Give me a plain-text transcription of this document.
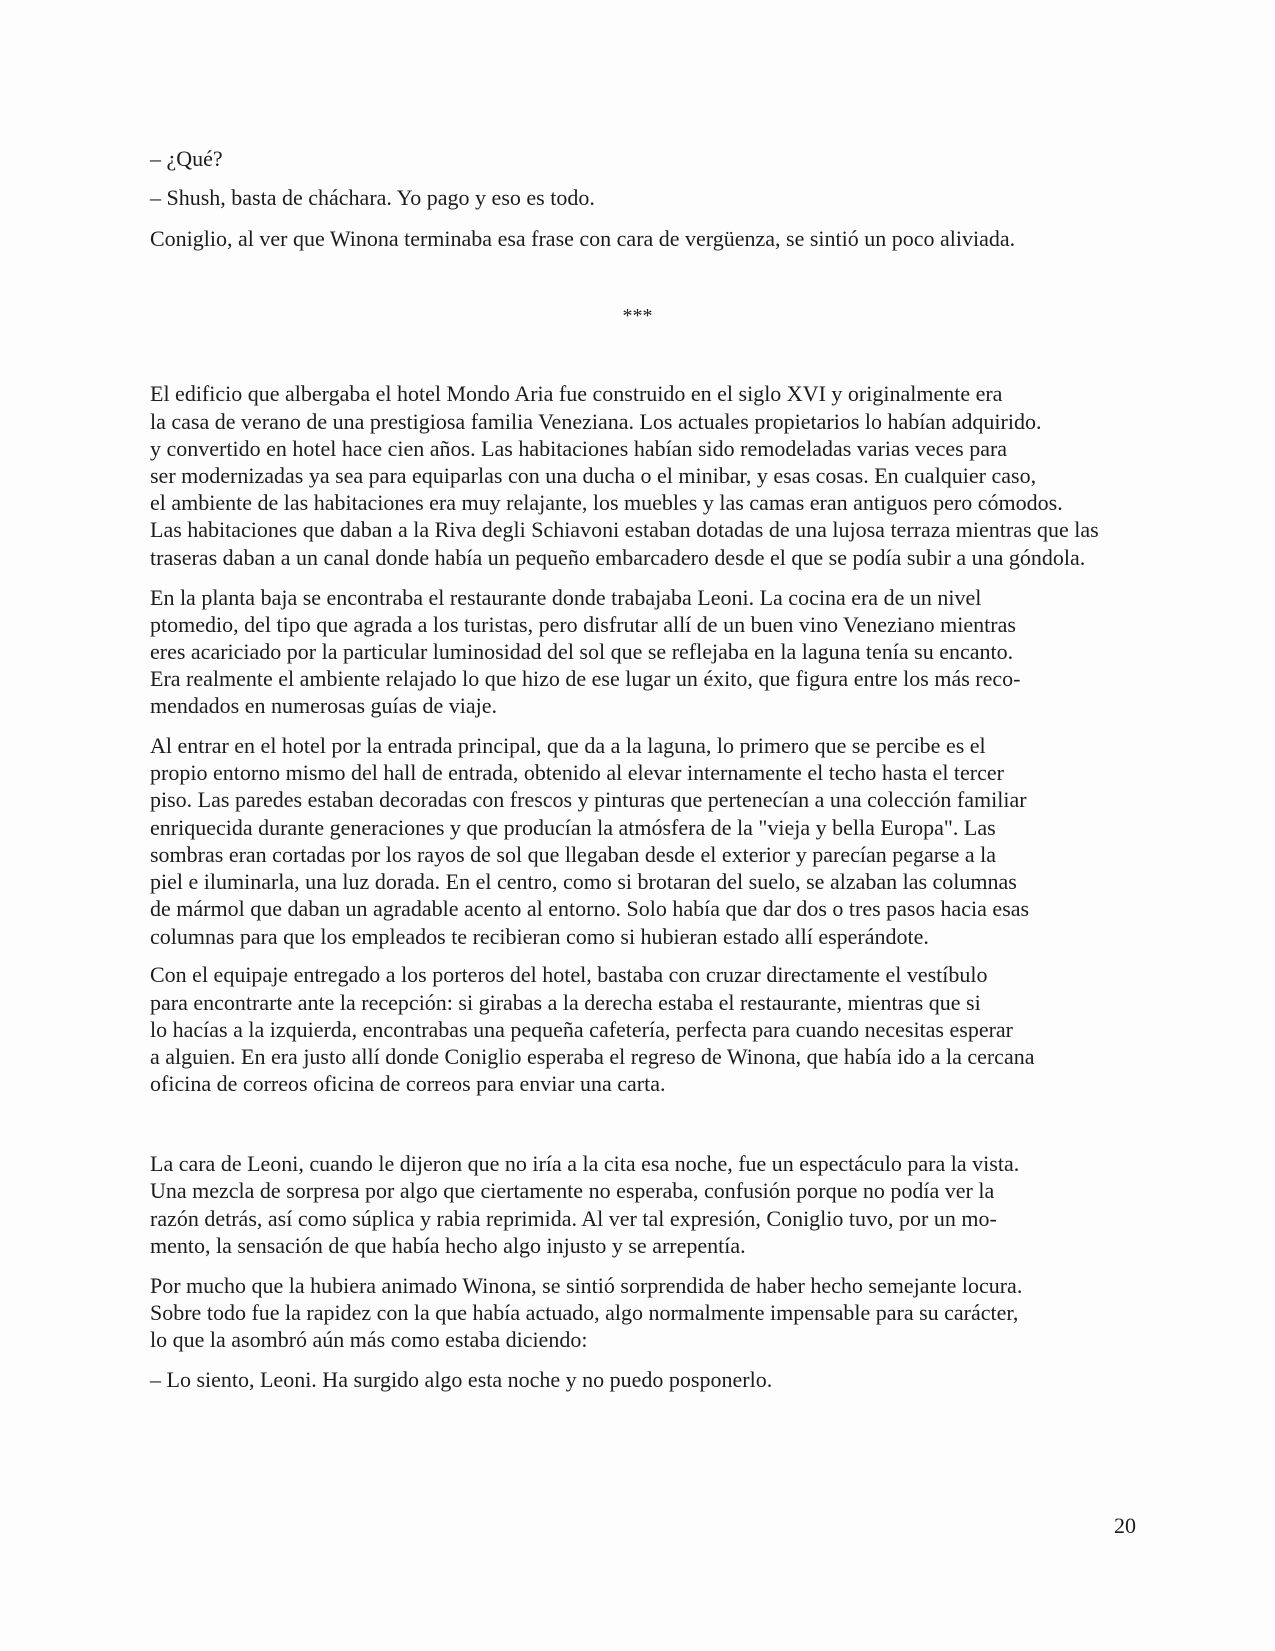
– ¿Qué?
– Shush, basta de cháchara. Yo pago y eso es todo.
Coniglio, al ver que Winona terminaba esa frase con cara de vergüenza, se sintió un poco aliviada.
***
El edificio que albergaba el hotel Mondo Aria fue construido en el siglo XVI y originalmente era
la casa de verano de una prestigiosa familia Veneziana. Los actuales propietarios lo habían adquirido.
y convertido en hotel hace cien años. Las habitaciones habían sido remodeladas varias veces para
ser modernizadas ya sea para equiparlas con una ducha o el minibar, y esas cosas. En cualquier caso,
el ambiente de las habitaciones era muy relajante, los muebles y las camas eran antiguos pero cómodos.
Las habitaciones que daban a la Riva degli Schiavoni estaban dotadas de una lujosa terraza mientras que las
traseras daban a un canal donde había un pequeño embarcadero desde el que se podía subir a una góndola.
En la planta baja se encontraba el restaurante donde trabajaba Leoni. La cocina era de un nivel
ptomedio, del tipo que agrada a los turistas, pero disfrutar allí de un buen vino Veneziano mientras
eres acariciado por la particular luminosidad del sol que se reflejaba en la laguna tenía su encanto.
Era realmente el ambiente relajado lo que hizo de ese lugar un éxito, que figura entre los más reco-
mendados en numerosas guías de viaje.
Al entrar en el hotel por la entrada principal, que da a la laguna, lo primero que se percibe es el
propio entorno mismo del hall de entrada, obtenido al elevar internamente el techo hasta el tercer
piso. Las paredes estaban decoradas con frescos y pinturas que pertenecían a una colección familiar
enriquecida durante generaciones y que producían la atmósfera de la "vieja y bella Europa". Las
sombras eran cortadas por los rayos de sol que llegaban desde el exterior y parecían pegarse a la
piel e iluminarla, una luz dorada. En el centro, como si brotaran del suelo, se alzaban las columnas
de mármol que daban un agradable acento al entorno. Solo había que dar dos o tres pasos hacia esas
columnas para que los empleados te recibieran como si hubieran estado allí esperándote.
Con el equipaje entregado a los porteros del hotel, bastaba con cruzar directamente el vestíbulo
para encontrarte ante la recepción: si girabas a la derecha estaba el restaurante, mientras que si
lo hacías a la izquierda, encontrabas una pequeña cafetería, perfecta para cuando necesitas esperar
a alguien. En era justo allí donde Coniglio esperaba el regreso de Winona, que había ido a la cercana
oficina de correos oficina de correos para enviar una carta.
La cara de Leoni, cuando le dijeron que no iría a la cita esa noche, fue un espectáculo para la vista.
Una mezcla de sorpresa por algo que ciertamente no esperaba, confusión porque no podía ver la
razón detrás, así como súplica y rabia reprimida. Al ver tal expresión, Coniglio tuvo, por un mo-
mento, la sensación de que había hecho algo injusto y se arrepentía.
Por mucho que la hubiera animado Winona, se sintió sorprendida de haber hecho semejante locura.
Sobre todo fue la rapidez con la que había actuado, algo normalmente impensable para su carácter,
lo que la asombró aún más como estaba diciendo:
– Lo siento, Leoni. Ha surgido algo esta noche y no puedo posponerlo.
20
